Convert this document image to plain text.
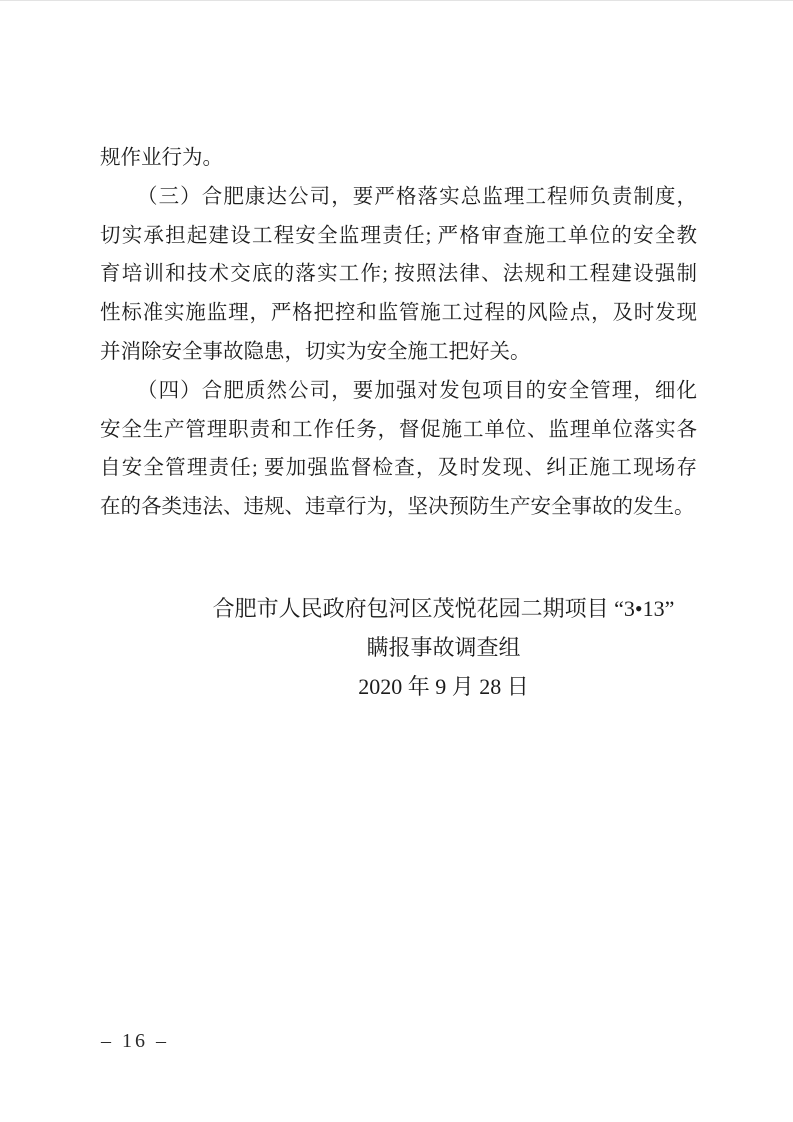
规作业行为。
（三）合肥康达公司，要严格落实总监理工程师负责制度，
切实承担起建设工程安全监理责任; 严格审查施工单位的安全教
育培训和技术交底的落实工作; 按照法律、法规和工程建设强制
性标准实施监理，严格把控和监管施工过程的风险点，及时发现
并消除安全事故隐患，切实为安全施工把好关。
（四）合肥质然公司，要加强对发包项目的安全管理，细化
安全生产管理职责和工作任务，督促施工单位、监理单位落实各
自安全管理责任; 要加强监督检查，及时发现、纠正施工现场存
在的各类违法、违规、违章行为，坚决预防生产安全事故的发生。
合肥市人民政府包河区茂悦花园二期项目 “3•13”
瞒报事故调查组
2020 年 9 月 28 日
– 16 –
